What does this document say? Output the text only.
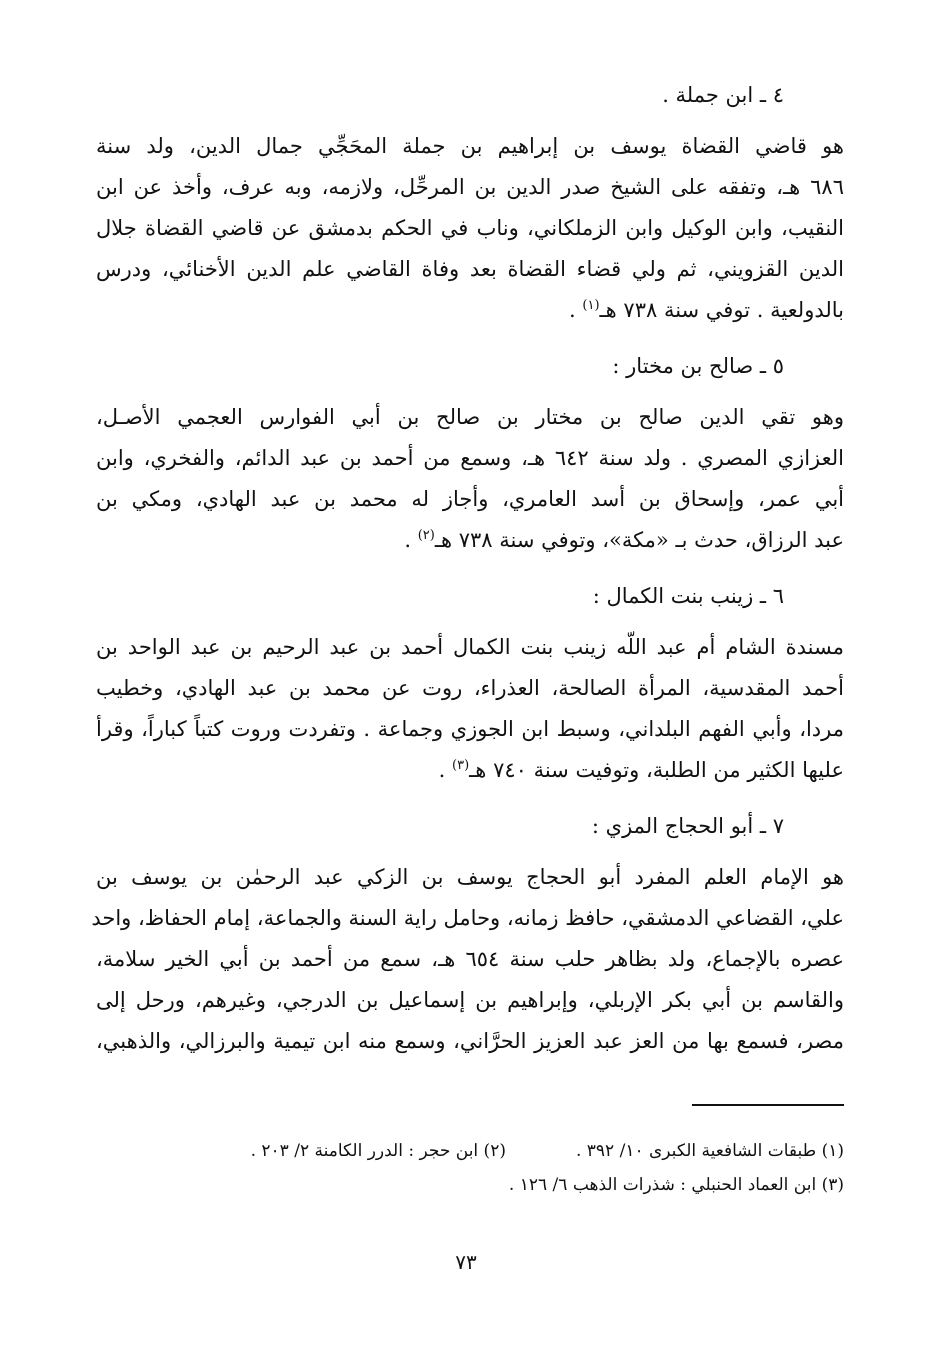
٤ ـ ابن جملة .
هو قاضي القضاة يوسف بن إبراهيم بن جملة المحَجِّي جمال الدين، ولد سنة
٦٨٦ هـ، وتفقه على الشيخ صدر الدين بن المرحِّل، ولازمه، وبه عرف، وأخذ عن ابن
النقيب، وابن الوكيل وابن الزملكاني، وناب في الحكم بدمشق عن قاضي القضاة جلال
الدين القزويني، ثم ولي قضاء القضاة بعد وفاة القاضي علم الدين الأخنائي، ودرس
بالدولعية . توفي سنة ٧٣٨ هـ$^{(١)}$ .
٥ ـ صالح بن مختار :
وهو تقي الدين صالح بن مختار بن صالح بن أبي الفوارس العجمي الأصـل،
العزازي المصري . ولد سنة ٦٤٢ هـ، وسمع من أحمد بن عبد الدائم، والفخري، وابن
أبي عمر، وإسحاق بن أسد العامري، وأجاز له محمد بن عبد الهادي، ومكي بن
عبد الرزاق، حدث بـ «مكة»، وتوفي سنة ٧٣٨ هـ$^{(٢)}$ .
٦ ـ زينب بنت الكمال :
مسندة الشام أم عبد اللّه زينب بنت الكمال أحمد بن عبد الرحيم بن عبد الواحد بن
أحمد المقدسية، المرأة الصالحة، العذراء، روت عن محمد بن عبد الهادي، وخطيب
مردا، وأبي الفهم البلداني، وسبط ابن الجوزي وجماعة . وتفردت وروت كتباً كباراً، وقرأ
عليها الكثير من الطلبة، وتوفيت سنة ٧٤٠ هـ$^{(٣)}$ .
٧ ـ أبو الحجاج المزي :
هو الإمام العلم المفرد أبو الحجاج يوسف بن الزكي عبد الرحمٰن بن يوسف بن
علي، القضاعي الدمشقي، حافظ زمانه، وحامل راية السنة والجماعة، إمام الحفاظ، واحد
عصره بالإجماع، ولد بظاهر حلب سنة ٦٥٤ هـ، سمع من أحمد بن أبي الخير سلامة،
والقاسم بن أبي بكر الإربلي، وإبراهيم بن إسماعيل بن الدرجي، وغيرهم، ورحل إلى
مصر، فسمع بها من العز عبد العزيز الحرَّاني، وسمع منه ابن تيمية والبرزالي، والذهبي،
(١) طبقات الشافعية الكبرى ١٠/ ٣٩٢ .
(٢) ابن حجر : الدرر الكامنة ٢/ ٢٠٣ .
(٣) ابن العماد الحنبلي : شذرات الذهب ٦/ ١٢٦ .
٧٣
